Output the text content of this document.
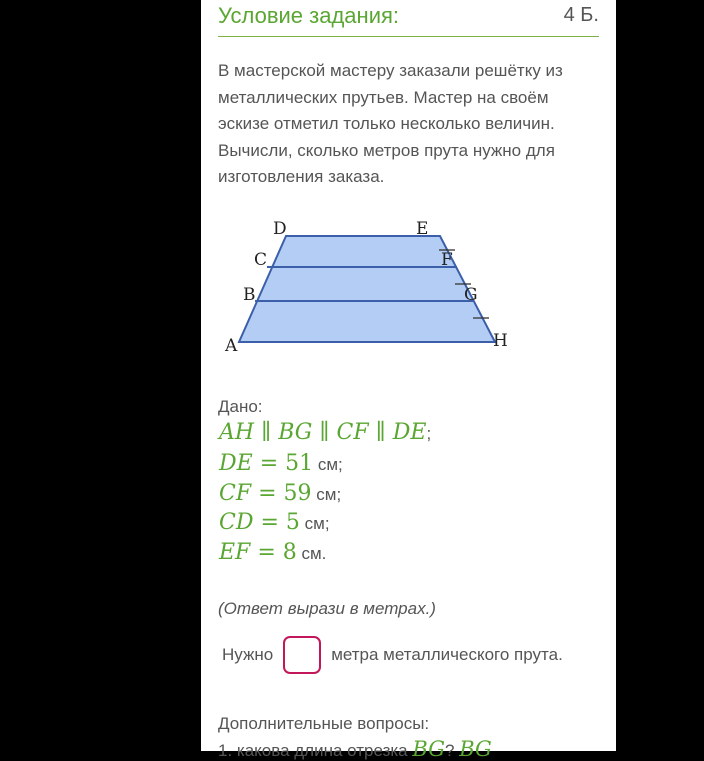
Условие задания:	4 Б.
В мастерской мастеру заказали решётку из металлических прутьев. Мастер на своём эскизе отметил только несколько величин. Вычисли, сколько метров прута нужно для изготовления заказа.
D	E
C	F
B	G
A	H
Дано:
AH ∥ BG ∥ CF ∥ DE;
DE = 51 см;
CF = 59 см;
CD = 5 см;
EF = 8 см.
(Ответ вырази в метрах.)
Нужно	метра металлического прута.
Дополнительные вопросы:
1. какова длина отрезка BG? BG
